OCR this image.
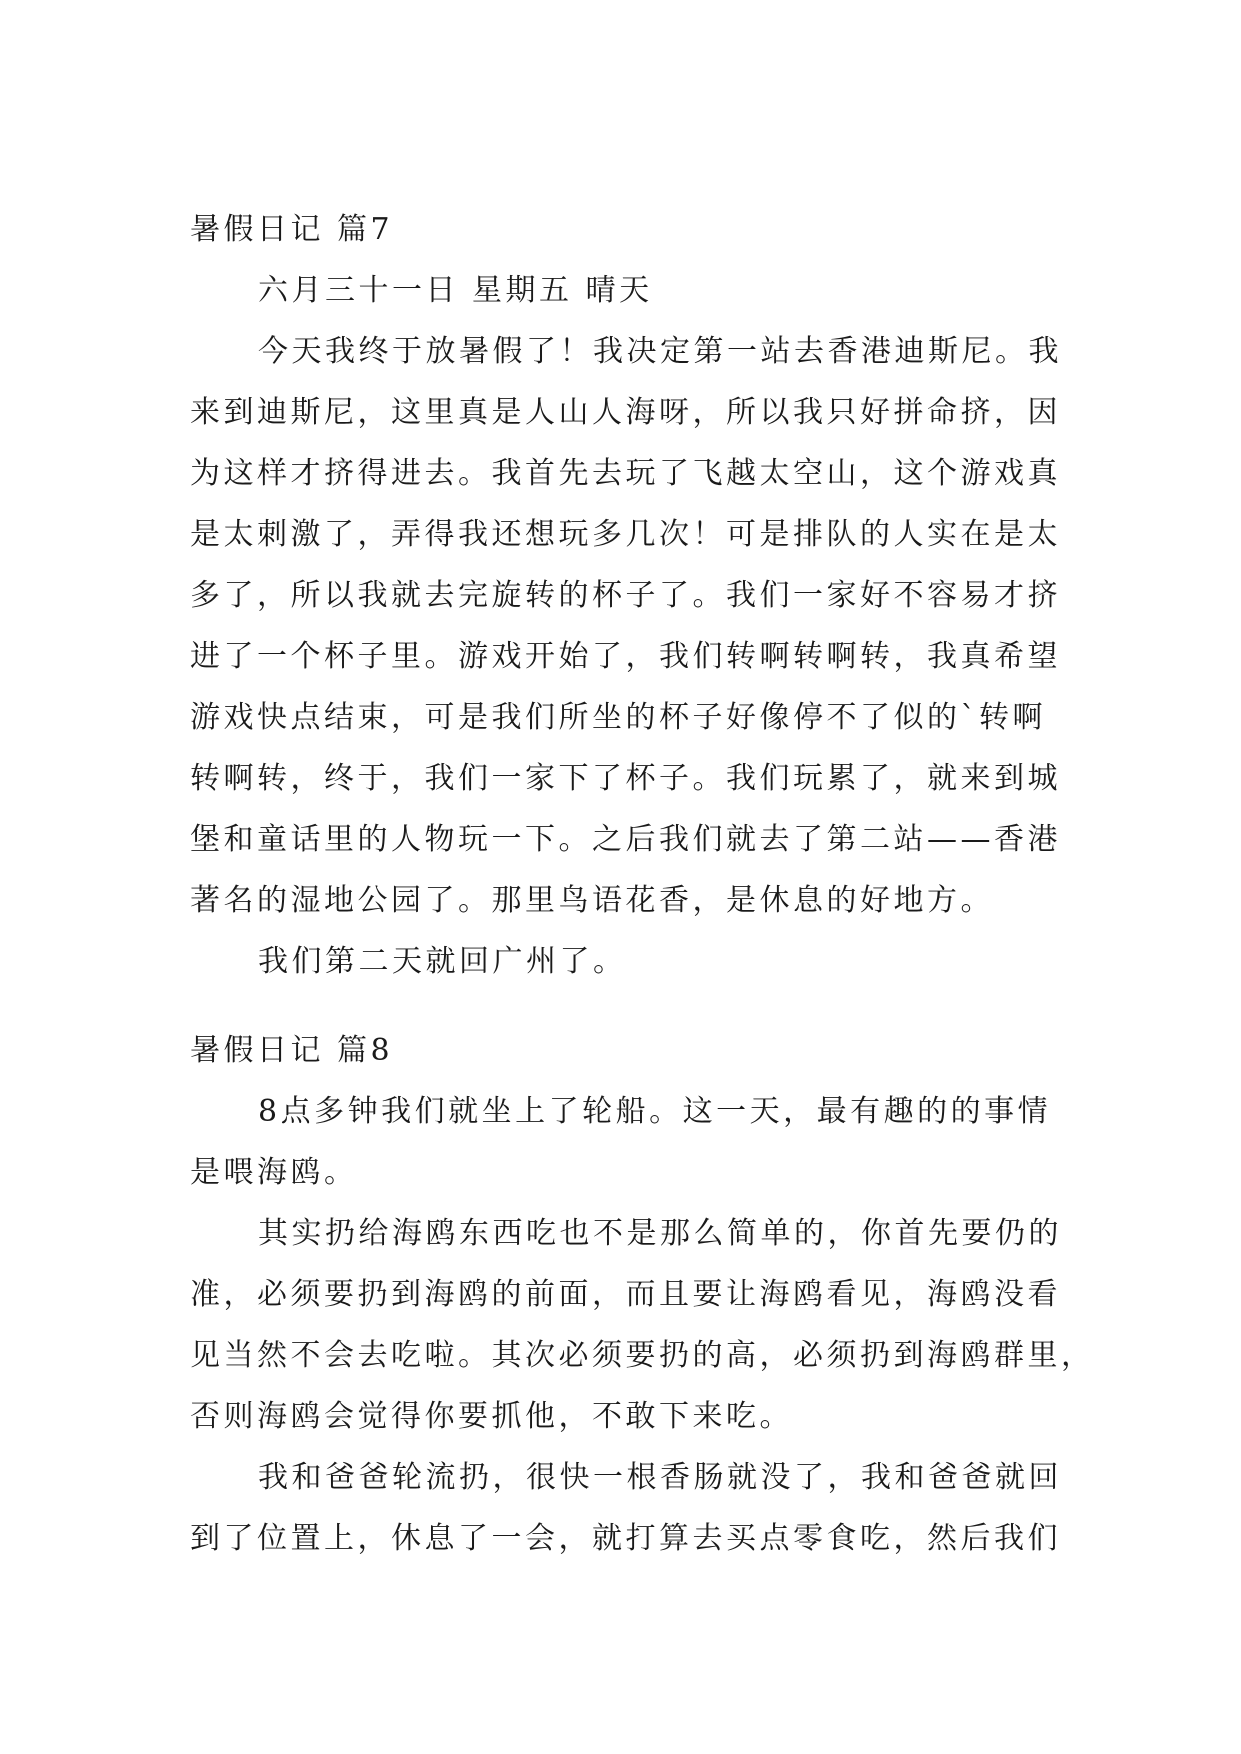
暑假日记 篇7
六月三十一日 星期五 晴天
今天我终于放暑假了！我决定第一站去香港迪斯尼。我
来到迪斯尼，这里真是人山人海呀，所以我只好拼命挤，因
为这样才挤得进去。我首先去玩了飞越太空山，这个游戏真
是太刺激了，弄得我还想玩多几次！可是排队的人实在是太
多了，所以我就去完旋转的杯子了。我们一家好不容易才挤
进了一个杯子里。游戏开始了，我们转啊转啊转，我真希望
游戏快点结束，可是我们所坐的杯子好像停不了似的`转啊
转啊转，终于，我们一家下了杯子。我们玩累了，就来到城
堡和童话里的人物玩一下。之后我们就去了第二站——香港
著名的湿地公园了。那里鸟语花香，是休息的好地方。
我们第二天就回广州了。
暑假日记 篇8
8点多钟我们就坐上了轮船。这一天，最有趣的的事情
是喂海鸥。
其实扔给海鸥东西吃也不是那么简单的，你首先要仍的
准，必须要扔到海鸥的前面，而且要让海鸥看见，海鸥没看
见当然不会去吃啦。其次必须要扔的高，必须扔到海鸥群里，
否则海鸥会觉得你要抓他，不敢下来吃。
我和爸爸轮流扔，很快一根香肠就没了，我和爸爸就回
到了位置上，休息了一会，就打算去买点零食吃，然后我们
